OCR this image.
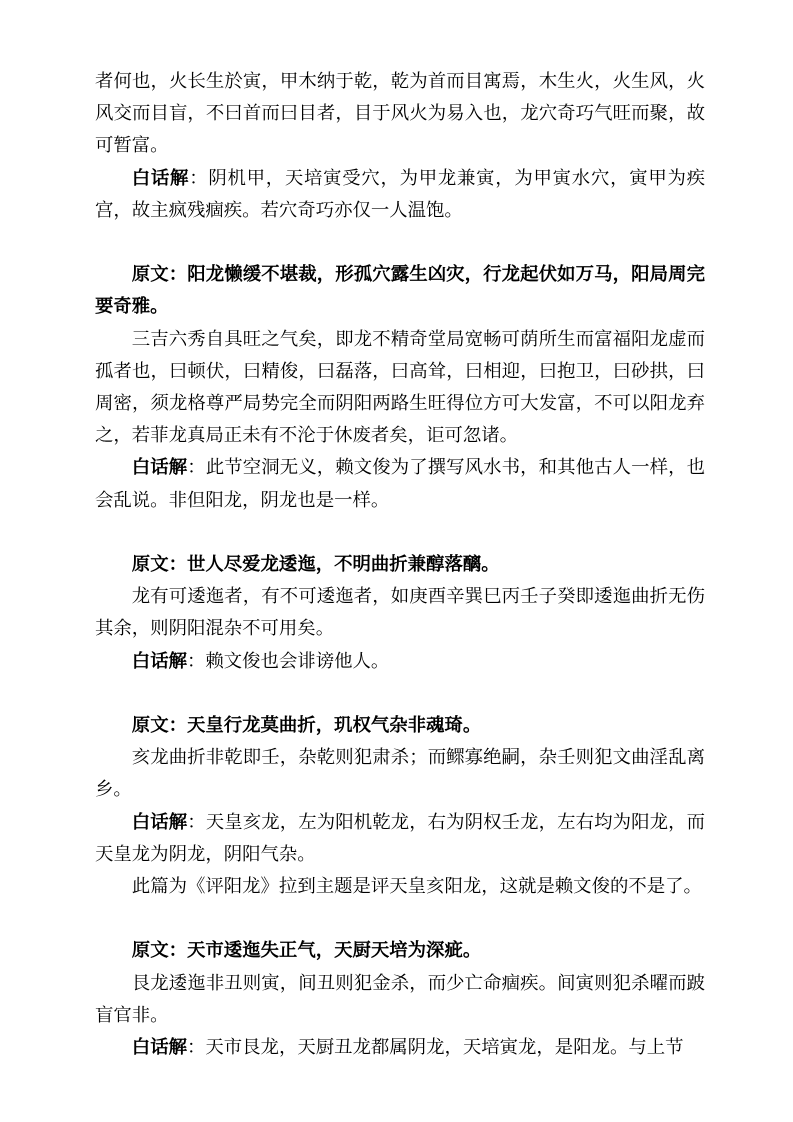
者何也，火长生於寅，甲木纳于乾，乾为首而目寓焉，木生火，火生风，火风交而目盲，不曰首而曰目者，目于风火为易入也，龙穴奇巧气旺而聚，故可暂富。

白话解：阴机甲，天培寅受穴，为甲龙兼寅，为甲寅水穴，寅甲为疾宫，故主疯残痼疾。若穴奇巧亦仅一人温饱。

原文：阳龙懒缓不堪裁，形孤穴露生凶灾，行龙起伏如万马，阳局周完要奇雅。

三吉六秀自具旺之气矣，即龙不精奇堂局宽畅可荫所生而富福阳龙虚而孤者也，曰顿伏，曰精俊，曰磊落，曰高耸，曰相迎，曰抱卫，曰砂拱，曰周密，须龙格尊严局势完全而阴阳两路生旺得位方可大发富，不可以阳龙弃之，若菲龙真局正未有不沦于休废者矣，讵可忽诸。

白话解：此节空洞无义，赖文俊为了撰写风水书，和其他古人一样，也会乱说。非但阳龙，阴龙也是一样。

原文：世人尽爱龙逶迤，不明曲折兼醇落醨。

龙有可逶迤者，有不可逶迤者，如庚酉辛巽巳丙壬子癸即逶迤曲折无伤其余，则阴阳混杂不可用矣。

白话解：赖文俊也会诽谤他人。

原文：天皇行龙莫曲折，玑权气杂非魂琦。

亥龙曲折非乾即壬，杂乾则犯肃杀；而鳏寡绝嗣，杂壬则犯文曲淫乱离乡。

白话解：天皇亥龙，左为阳机乾龙，右为阴权壬龙，左右均为阳龙，而天皇龙为阴龙，阴阳气杂。

此篇为《评阳龙》拉到主题是评天皇亥阳龙，这就是赖文俊的不是了。

原文：天市逶迤失正气，天厨天培为深疵。

艮龙逶迤非丑则寅，间丑则犯金杀，而少亡命痼疾。间寅则犯杀曜而跛盲官非。

白话解：天市艮龙，天厨丑龙都属阴龙，天培寅龙，是阳龙。与上节
